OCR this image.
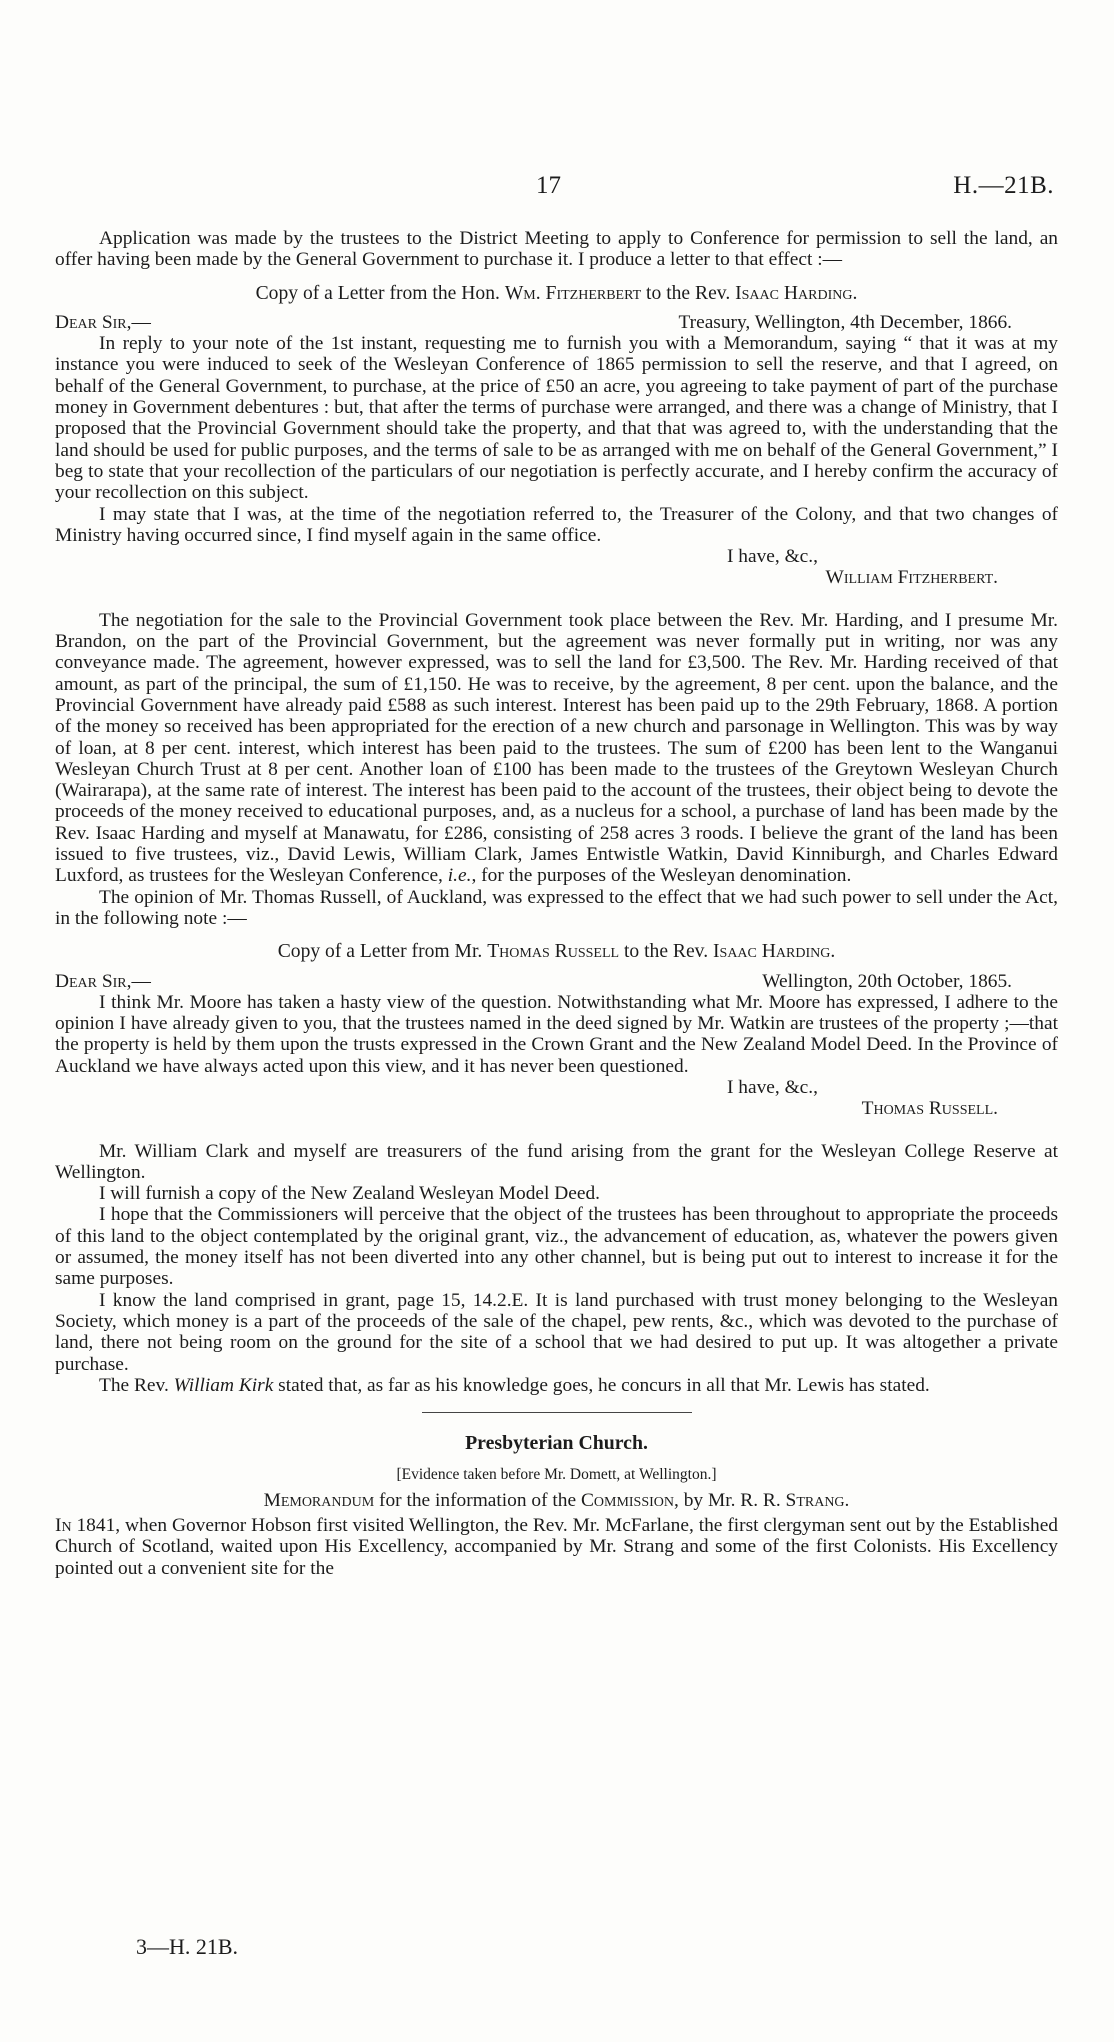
17	H.—21B.

Application was made by the trustees to the District Meeting to apply to Conference for permission to sell the land, an offer having been made by the General Government to purchase it. I produce a letter to that effect :—

Copy of a Letter from the Hon. Wm. Fitzherbert to the Rev. Isaac Harding.
Dear Sir,—	Treasury, Wellington, 4th December, 1866.

In reply to your note of the 1st instant, requesting me to furnish you with a Memorandum, saying “ that it was at my instance you were induced to seek of the Wesleyan Conference of 1865 permission to sell the reserve, and that I agreed, on behalf of the General Government, to purchase, at the price of £50 an acre, you agreeing to take payment of part of the purchase money in Government debentures : but, that after the terms of purchase were arranged, and there was a change of Ministry, that I proposed that the Provincial Government should take the property, and that that was agreed to, with the understanding that the land should be used for public purposes, and the terms of sale to be as arranged with me on behalf of the General Government,” I beg to state that your recollection of the particulars of our negotiation is perfectly accurate, and I hereby confirm the accuracy of your recollection on this subject.

I may state that I was, at the time of the negotiation referred to, the Treasurer of the Colony, and that two changes of Ministry having occurred since, I find myself again in the same office.

I have, &c.,
William Fitzherbert.

The negotiation for the sale to the Provincial Government took place between the Rev. Mr. Harding, and I presume Mr. Brandon, on the part of the Provincial Government, but the agreement was never formally put in writing, nor was any conveyance made. The agreement, however expressed, was to sell the land for £3,500. The Rev. Mr. Harding received of that amount, as part of the principal, the sum of £1,150. He was to receive, by the agreement, 8 per cent. upon the balance, and the Provincial Government have already paid £588 as such interest. Interest has been paid up to the 29th February, 1868. A portion of the money so received has been appropriated for the erection of a new church and parsonage in Wellington. This was by way of loan, at 8 per cent. interest, which interest has been paid to the trustees. The sum of £200 has been lent to the Wanganui Wesleyan Church Trust at 8 per cent. Another loan of £100 has been made to the trustees of the Greytown Wesleyan Church (Wairarapa), at the same rate of interest. The interest has been paid to the account of the trustees, their object being to devote the proceeds of the money received to educational purposes, and, as a nucleus for a school, a purchase of land has been made by the Rev. Isaac Harding and myself at Manawatu, for £286, consisting of 258 acres 3 roods. I believe the grant of the land has been issued to five trustees, viz., David Lewis, William Clark, James Entwistle Watkin, David Kinniburgh, and Charles Edward Luxford, as trustees for the Wesleyan Conference, i.e., for the purposes of the Wesleyan denomination.

The opinion of Mr. Thomas Russell, of Auckland, was expressed to the effect that we had such power to sell under the Act, in the following note :—

Copy of a Letter from Mr. Thomas Russell to the Rev. Isaac Harding.
Dear Sir,—	Wellington, 20th October, 1865.

I think Mr. Moore has taken a hasty view of the question. Notwithstanding what Mr. Moore has expressed, I adhere to the opinion I have already given to you, that the trustees named in the deed signed by Mr. Watkin are trustees of the property ;—that the property is held by them upon the trusts expressed in the Crown Grant and the New Zealand Model Deed. In the Province of Auckland we have always acted upon this view, and it has never been questioned.

I have, &c.,
Thomas Russell.

Mr. William Clark and myself are treasurers of the fund arising from the grant for the Wesleyan College Reserve at Wellington.

I will furnish a copy of the New Zealand Wesleyan Model Deed.

I hope that the Commissioners will perceive that the object of the trustees has been throughout to appropriate the proceeds of this land to the object contemplated by the original grant, viz., the advancement of education, as, whatever the powers given or assumed, the money itself has not been diverted into any other channel, but is being put out to interest to increase it for the same purposes.

I know the land comprised in grant, page 15, 14.2.E. It is land purchased with trust money belonging to the Wesleyan Society, which money is a part of the proceeds of the sale of the chapel, pew rents, &c., which was devoted to the purchase of land, there not being room on the ground for the site of a school that we had desired to put up. It was altogether a private purchase.

The Rev. William Kirk stated that, as far as his knowledge goes, he concurs in all that Mr. Lewis has stated.

Presbyterian Church.
[Evidence taken before Mr. Domett, at Wellington.]
Memorandum for the information of the Commission, by Mr. R. R. Strang.

In 1841, when Governor Hobson first visited Wellington, the Rev. Mr. McFarlane, the first clergyman sent out by the Established Church of Scotland, waited upon His Excellency, accompanied by Mr. Strang and some of the first Colonists. His Excellency pointed out a convenient site for the

3—H. 21B.
